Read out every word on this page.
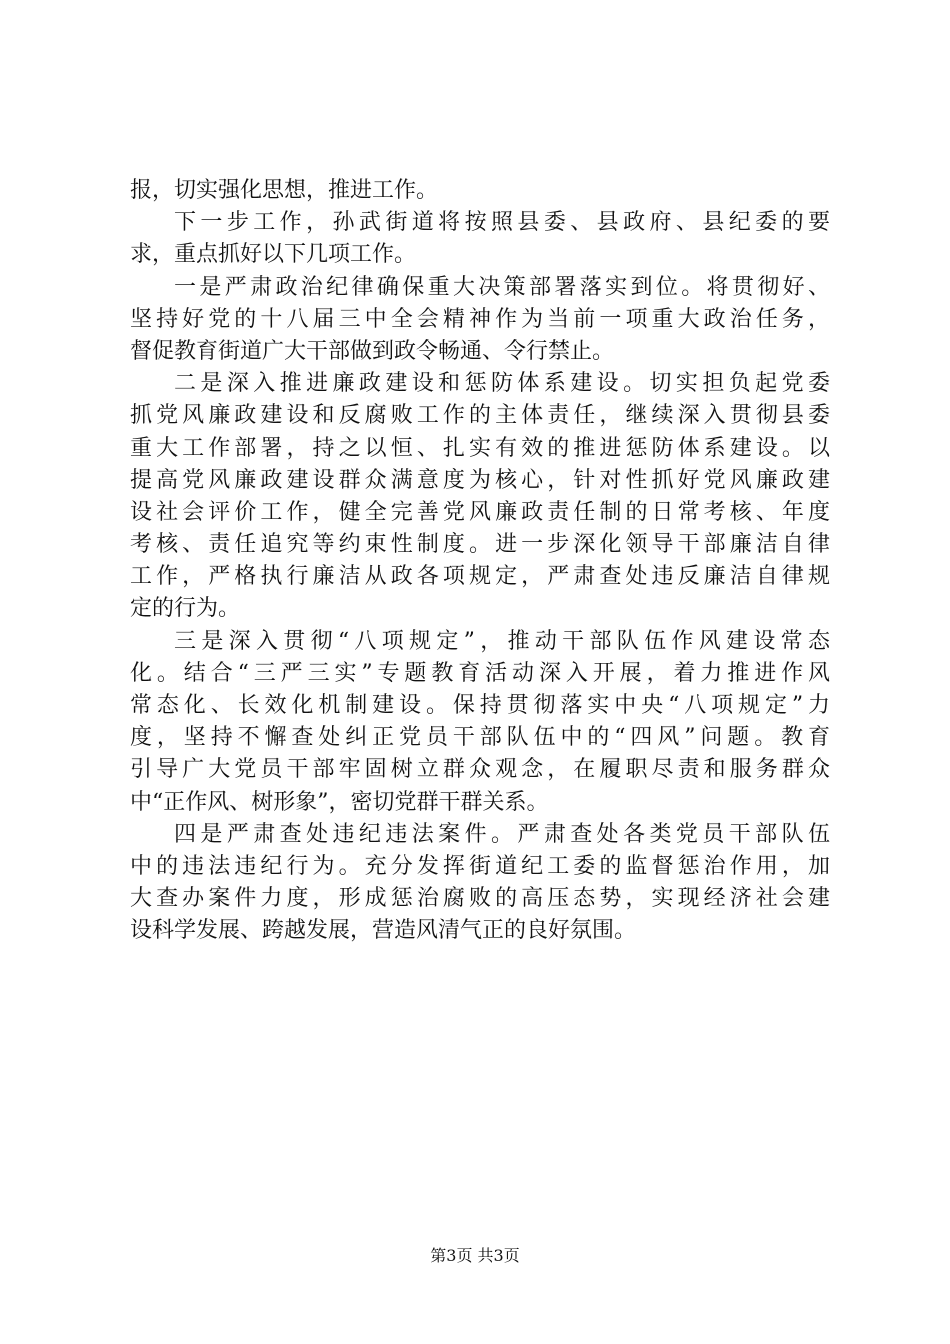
报，切实强化思想，推进工作。
下一步工作，孙武街道将按照县委、县政府、县纪委的要
求，重点抓好以下几项工作。
一是严肃政治纪律确保重大决策部署落实到位。将贯彻好、
坚持好党的十八届三中全会精神作为当前一项重大政治任务，
督促教育街道广大干部做到政令畅通、令行禁止。
二是深入推进廉政建设和惩防体系建设。切实担负起党委
抓党风廉政建设和反腐败工作的主体责任，继续深入贯彻县委
重大工作部署，持之以恒、扎实有效的推进惩防体系建设。以
提高党风廉政建设群众满意度为核心，针对性抓好党风廉政建
设社会评价工作，健全完善党风廉政责任制的日常考核、年度
考核、责任追究等约束性制度。进一步深化领导干部廉洁自律
工作，严格执行廉洁从政各项规定，严肃查处违反廉洁自律规
定的行为。
三是深入贯彻“八项规定”，推动干部队伍作风建设常态
化。结合“三严三实”专题教育活动深入开展，着力推进作风
常态化、长效化机制建设。保持贯彻落实中央“八项规定”力
度，坚持不懈查处纠正党员干部队伍中的“四风”问题。教育
引导广大党员干部牢固树立群众观念，在履职尽责和服务群众
中“正作风、树形象”，密切党群干群关系。
四是严肃查处违纪违法案件。严肃查处各类党员干部队伍
中的违法违纪行为。充分发挥街道纪工委的监督惩治作用，加
大查办案件力度，形成惩治腐败的高压态势，实现经济社会建
设科学发展、跨越发展，营造风清气正的良好氛围。
第3页 共3页
